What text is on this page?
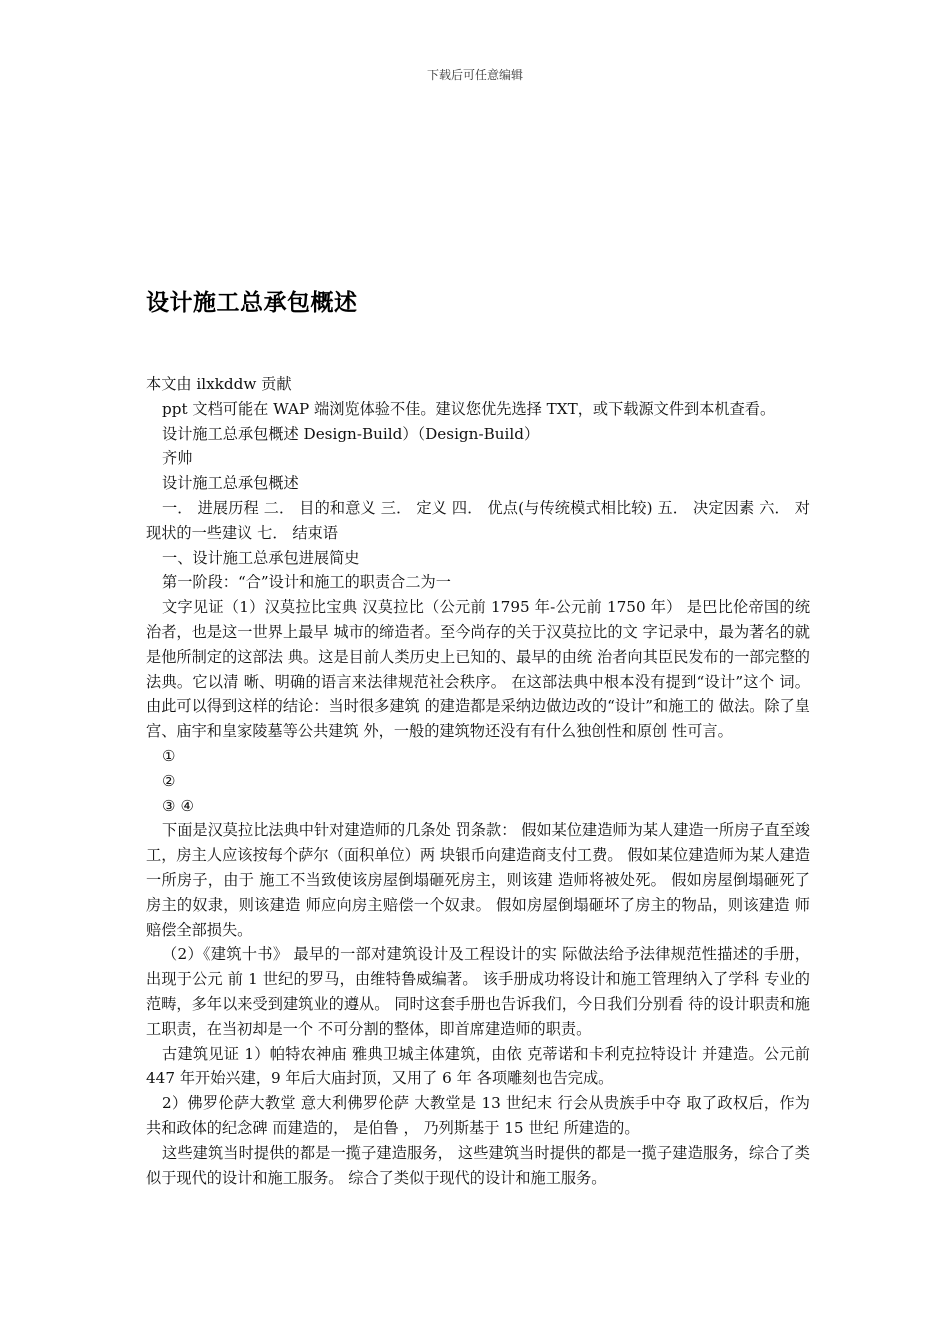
下载后可任意编辑
设计施工总承包概述

本文由 ilxkddw 贡献

ppt 文档可能在 WAP 端浏览体验不佳。建议您优先选择 TXT，或下载源文件到本机查看。

设计施工总承包概述 Design-Build）（Design-Build）

齐帅

设计施工总承包概述

一． 进展历程 二． 目的和意义 三． 定义 四． 优点(与传统模式相比较) 五． 决定因素 六． 对现状的一些建议 七． 结束语

一、设计施工总承包进展简史

第一阶段：“合”设计和施工的职责合二为一

文字见证（1）汉莫拉比宝典 汉莫拉比（公元前 1795 年-公元前 1750 年） 是巴比伦帝国的统治者，也是这一世界上最早 城市的缔造者。至今尚存的关于汉莫拉比的文 字记录中，最为著名的就是他所制定的这部法 典。这是目前人类历史上已知的、最早的由统 治者向其臣民发布的一部完整的法典。它以清 晰、明确的语言来法律规范社会秩序。 在这部法典中根本没有提到“设计”这个 词。由此可以得到这样的结论：当时很多建筑 的建造都是采纳边做边改的“设计”和施工的 做法。除了皇宫、庙宇和皇家陵墓等公共建筑 外，一般的建筑物还没有有什么独创性和原创 性可言。

①

②

③ ④

下面是汉莫拉比法典中针对建造师的几条处 罚条款： 假如某位建造师为某人建造一所房子直至竣 工，房主人应该按每个萨尔（面积单位）两 块银币向建造商支付工费。 假如某位建造师为某人建造一所房子，由于 施工不当致使该房屋倒塌砸死房主，则该建 造师将被处死。 假如房屋倒塌砸死了房主的奴隶，则该建造 师应向房主赔偿一个奴隶。 假如房屋倒塌砸坏了房主的物品，则该建造 师赔偿全部损失。

（2）《建筑十书》 最早的一部对建筑设计及工程设计的实 际做法给予法律规范性描述的手册，出现于公元 前 1 世纪的罗马，由维特鲁威编著。 该手册成功将设计和施工管理纳入了学科 专业的范畴，多年以来受到建筑业的遵从。 同时这套手册也告诉我们，今日我们分别看 待的设计职责和施工职责，在当初却是一个 不可分割的整体，即首席建造师的职责。

古建筑见证 1）帕特农神庙 雅典卫城主体建筑，由依 克蒂诺和卡利克拉特设计 并建造。公元前 447 年开始兴建，9 年后大庙封顶，又用了 6 年 各项雕刻也告完成。

2）佛罗伦萨大教堂 意大利佛罗伦萨 大教堂是 13 世纪末 行会从贵族手中夺 取了政权后，作为 共和政体的纪念碑 而建造的， 是伯鲁 ， 乃列斯基于 15 世纪 所建造的。

这些建筑当时提供的都是一揽子建造服务， 这些建筑当时提供的都是一揽子建造服务，综合了类似于现代的设计和施工服务。 综合了类似于现代的设计和施工服务。
